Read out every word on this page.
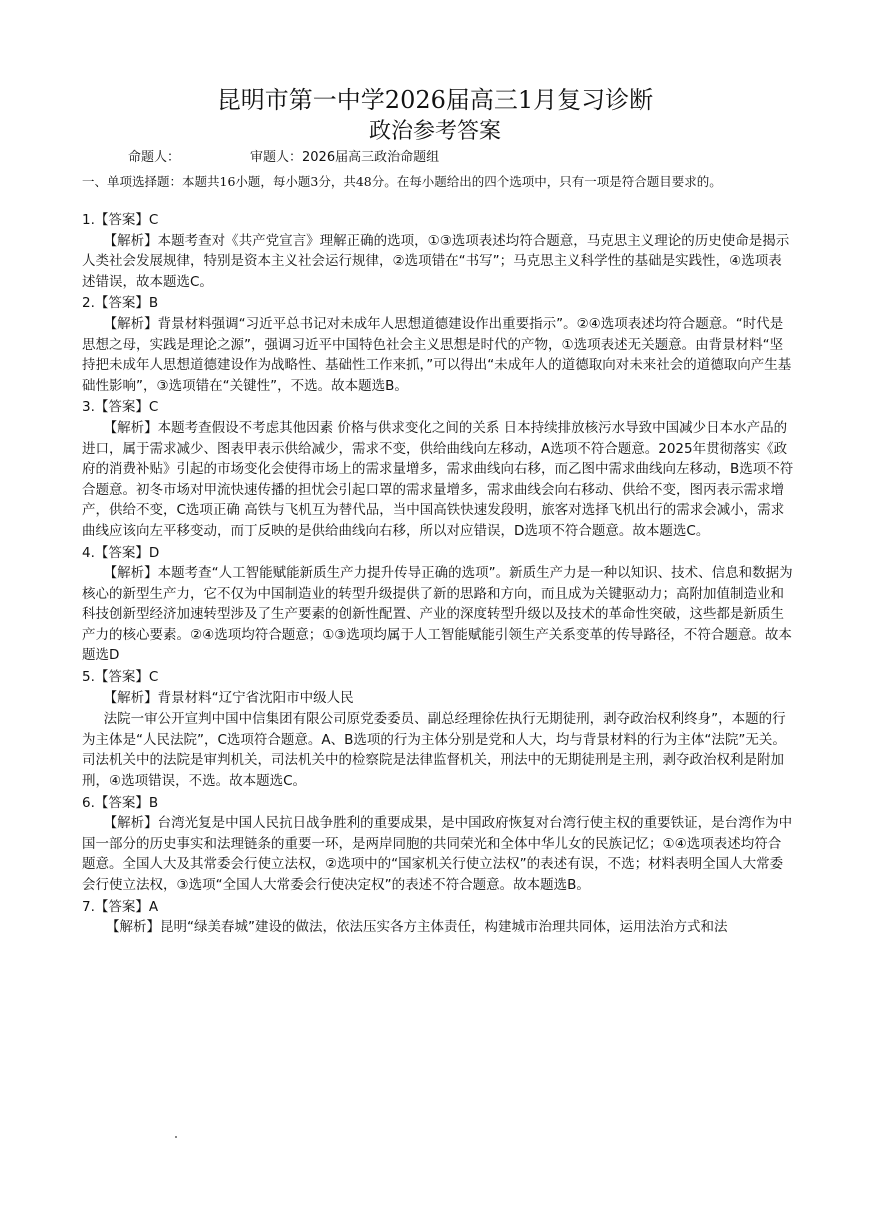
昆明市第一中学2026届高三1月复习诊断
政治参考答案
命题人：	审题人：2026届高三政治命题组
一、单项选择题：本题共16小题，每小题3分，共48分。在每小题给出的四个选项中，只有一项是符合题目要求的。

1.【答案】C

【解析】本题考查对《共产党宣言》理解正确的选项，①③选项表述均符合题意，马克思主义理论的历史使命是揭示人类社会发展规律，特别是资本主义社会运行规律，②选项错在“书写”；马克思主义科学性的基础是实践性，④选项表述错误，故本题选C。

2.【答案】B

【解析】背景材料强调“习近平总书记对未成年人思想道德建设作出重要指示”。②④选项表述均符合题意。“时代是思想之母，实践是理论之源”，强调习近平中国特色社会主义思想是时代的产物，①选项表述无关题意。由背景材料“坚持把未成年人思想道德建设作为战略性、基础性工作来抓，”可以得出“未成年人的道德取向对未来社会的道德取向产生基础性影响”，③选项错在“关键性”，不选。故本题选B。

3.【答案】C

【解析】本题考查假设不考虑其他因素 价格与供求变化之间的关系 日本持续排放核污水导致中国减少日本水产品的进口，属于需求减少、图表甲表示供给减少，需求不变，供给曲线向左移动，A选项不符合题意。2025年贯彻落实《政府的消费补贴》引起的市场变化会使得市场上的需求量增多，需求曲线向右移，而乙图中需求曲线向左移动，B选项不符合题意。初冬市场对甲流快速传播的担忧会引起口罩的需求量增多，需求曲线会向右移动、供给不变，图丙表示需求增产，供给不变，C选项正确 高铁与飞机互为替代品，当中国高铁快速发段明，旅客对选择飞机出行的需求会减小，需求曲线应该向左平移变动，而丁反映的是供给曲线向右移，所以对应错误，D选项不符合题意。故本题选C。

4.【答案】D

【解析】本题考查“人工智能赋能新质生产力提升传导正确的选项”。新质生产力是一种以知识、技术、信息和数据为核心的新型生产力，它不仅为中国制造业的转型升级提供了新的思路和方向，而且成为关键驱动力；高附加值制造业和科技创新型经济加速转型涉及了生产要素的创新性配置、产业的深度转型升级以及技术的革命性突破，这些都是新质生产力的核心要素。②④选项均符合题意；①③选项均属于人工智能赋能引领生产关系变革的传导路径，不符合题意。故本题选D

5.【答案】C

【解析】背景材料“辽宁省沈阳市中级人民

法院一审公开宣判中国中信集团有限公司原党委委员、副总经理徐佐执行无期徒刑，剥夺政治权利终身”，本题的行为主体是“人民法院”，C选项符合题意。A、B选项的行为主体分别是党和人大，均与背景材料的行为主体“法院”无关。司法机关中的法院是审判机关，司法机关中的检察院是法律监督机关，刑法中的无期徒刑是主刑，剥夺政治权利是附加刑，④选项错误，不选。故本题选C。

6.【答案】B

【解析】台湾光复是中国人民抗日战争胜利的重要成果，是中国政府恢复对台湾行使主权的重要铁证，是台湾作为中国一部分的历史事实和法理链条的重要一环，是两岸同胞的共同荣光和全体中华儿女的民族记忆；①④选项表述均符合题意。全国人大及其常委会行使立法权，②选项中的“国家机关行使立法权”的表述有误，不选；材料表明全国人大常委会行使立法权，③选项“全国人大常委会行使决定权”的表述不符合题意。故本题选B。

7.【答案】A

【解析】昆明“绿美春城”建设的做法，依法压实各方主体责任，构建城市治理共同体，运用法治方式和法
